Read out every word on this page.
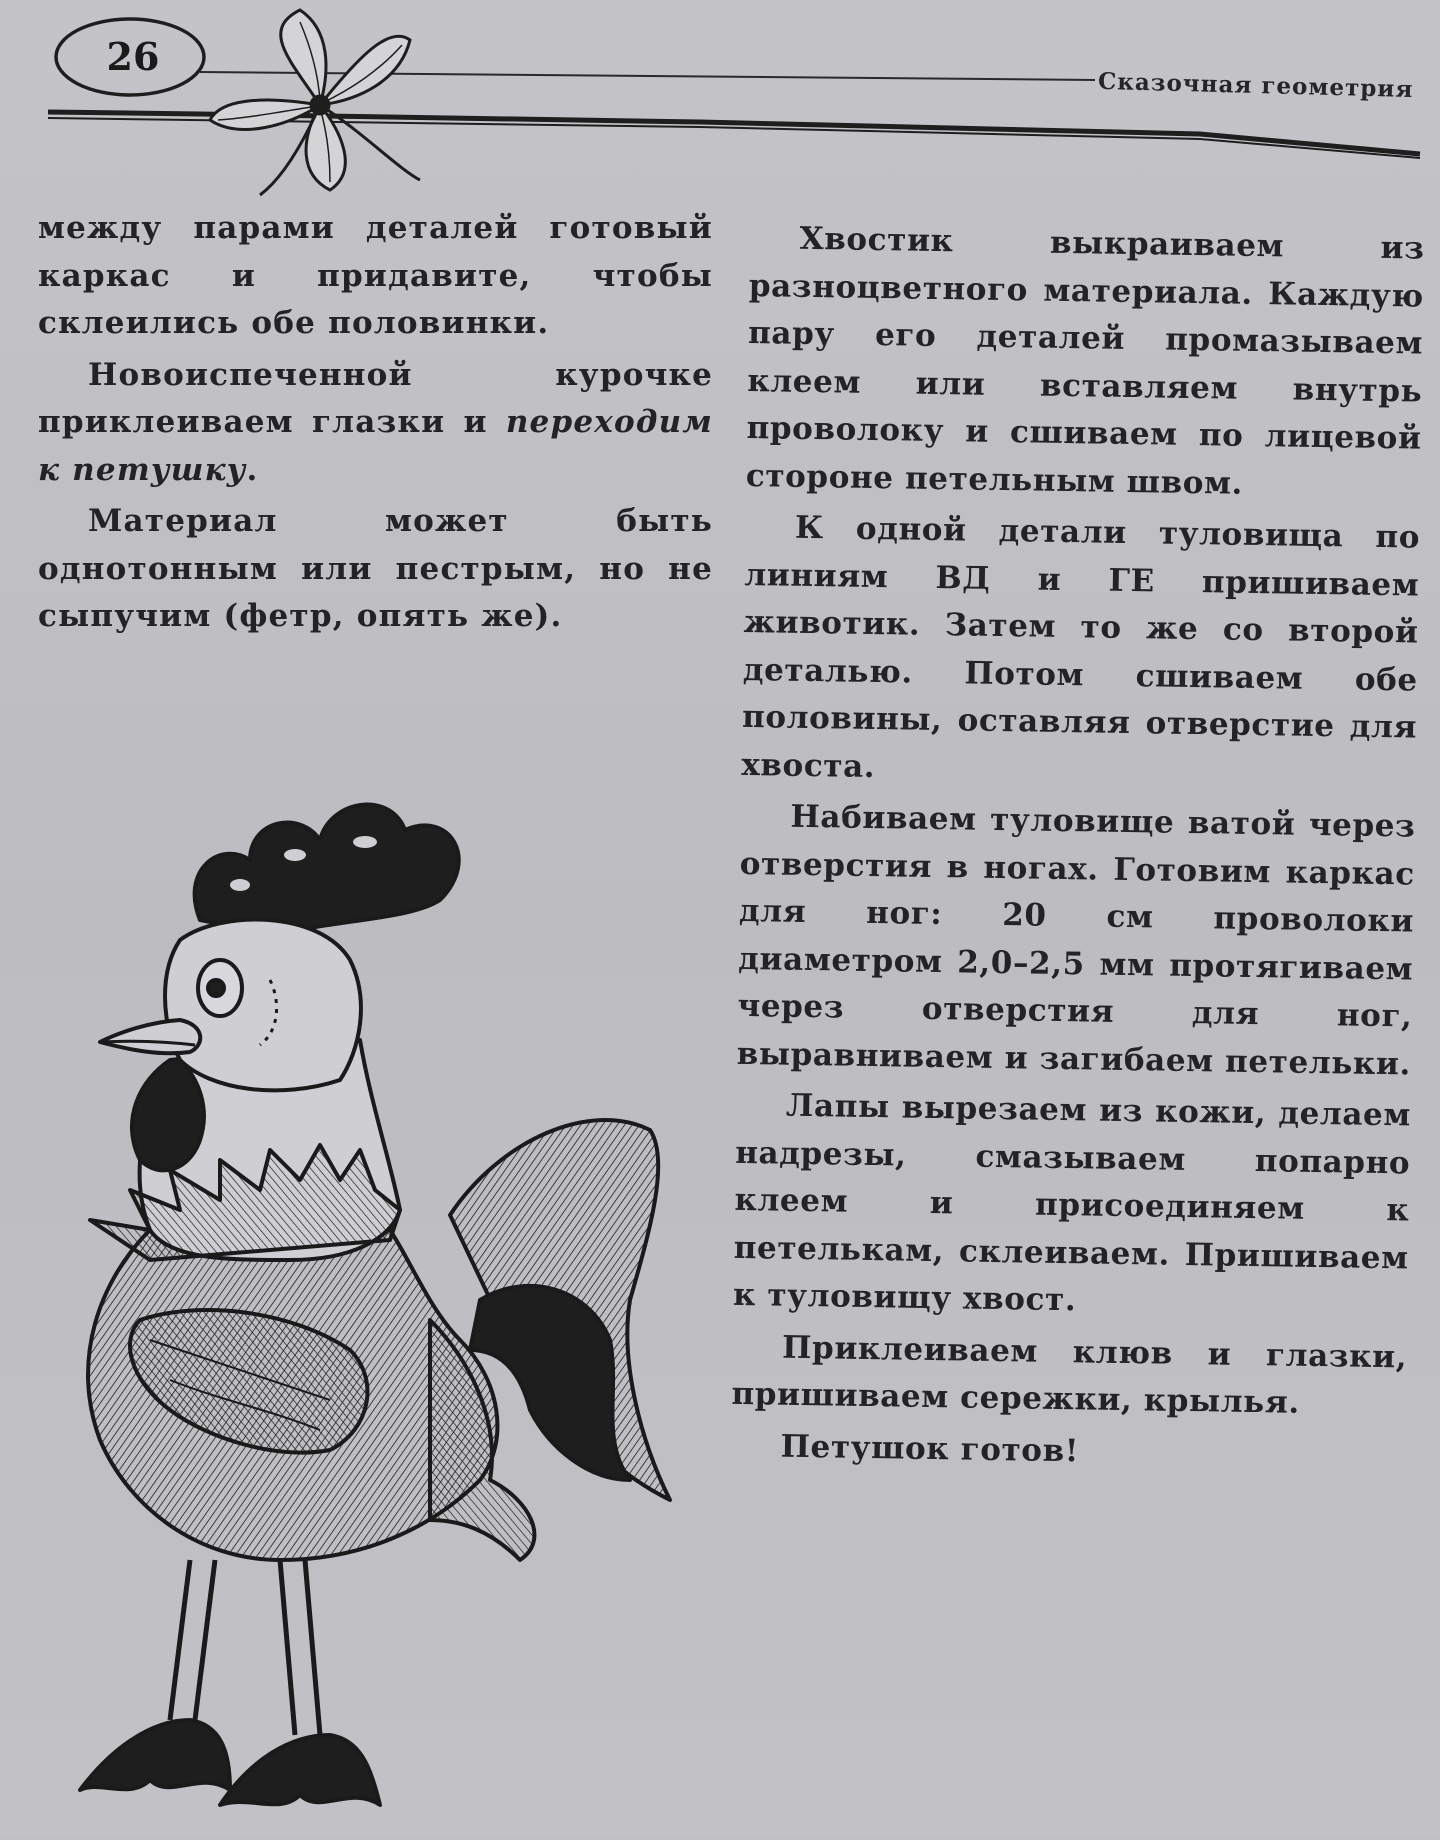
26
Сказочная геометрия

между парами деталей готовый каркас и придавите, чтобы склеились обе половинки.

Новоиспеченной курочке приклеиваем глазки и переходим к петушку.

Материал может быть однотонным или пестрым, но не сыпучим (фетр, опять же).

Хвостик выкраиваем из разноцветного материала. Каждую пару его деталей промазываем клеем или вставляем внутрь проволоку и сшиваем по лицевой стороне петельным швом.

К одной детали туловища по линиям ВД и ГЕ пришиваем животик. Затем то же со второй деталью. Потом сшиваем обе половины, оставляя отверстие для хвоста.

Набиваем туловище ватой через отверстия в ногах. Готовим каркас для ног: 20 см проволоки диаметром 2,0–2,5 мм протягиваем через отверстия для ног, выравниваем и загибаем петельки.

Лапы вырезаем из кожи, делаем надрезы, смазываем попарно клеем и присоединяем к петелькам, склеиваем. Пришиваем к туловищу хвост.

Приклеиваем клюв и глазки, пришиваем сережки, крылья.

Петушок готов!
